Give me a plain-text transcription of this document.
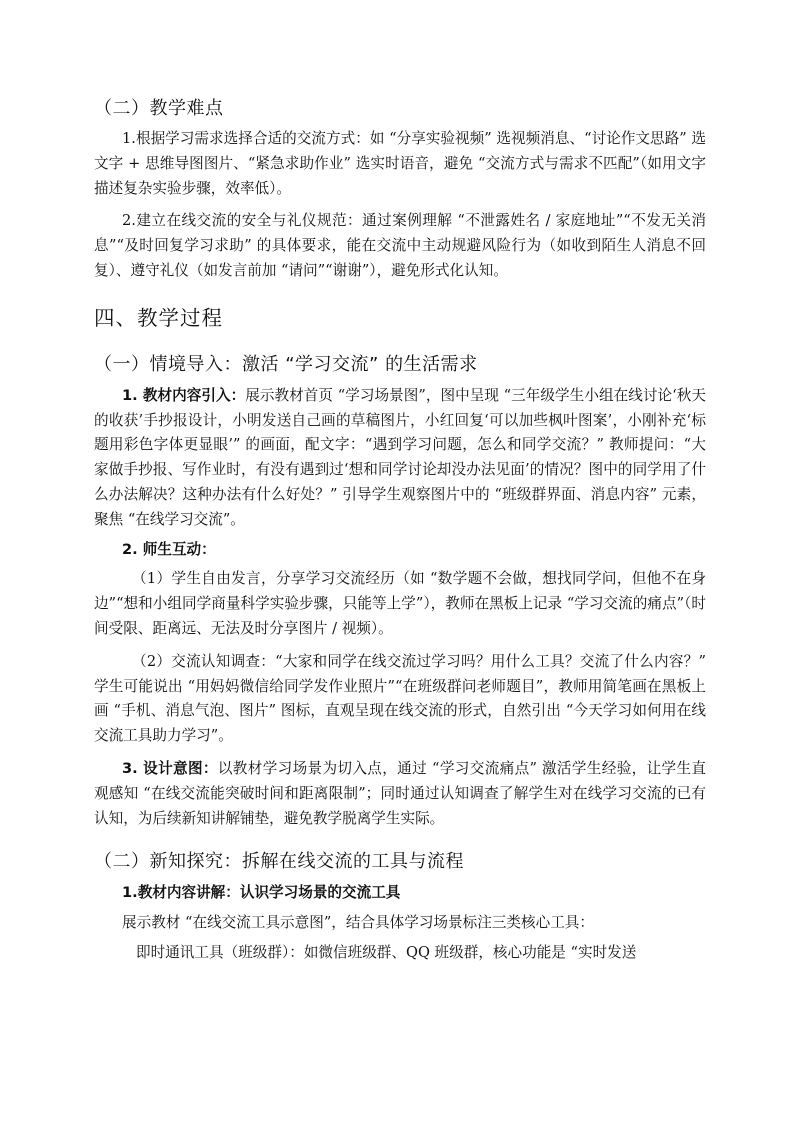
（二）教学难点

1.根据学习需求选择合适的交流方式：如 “分享实验视频” 选视频消息、“讨论作文思路” 选文字 + 思维导图图片、“紧急求助作业” 选实时语音，避免 “交流方式与需求不匹配”（如用文字描述复杂实验步骤，效率低）。

2.建立在线交流的安全与礼仪规范：通过案例理解 “不泄露姓名 / 家庭地址”“不发无关消息”“及时回复学习求助” 的具体要求，能在交流中主动规避风险行为（如收到陌生人消息不回复）、遵守礼仪（如发言前加 “请问”“谢谢”），避免形式化认知。

四、教学过程
（一）情境导入：激活 “学习交流” 的生活需求

1. 教材内容引入：展示教材首页 “学习场景图”，图中呈现 “三年级学生小组在线讨论‘秋天的收获’手抄报设计，小明发送自己画的草稿图片，小红回复‘可以加些枫叶图案’，小刚补充‘标题用彩色字体更显眼’” 的画面，配文字：“遇到学习问题，怎么和同学交流？” 教师提问：“大家做手抄报、写作业时，有没有遇到过‘想和同学讨论却没办法见面’的情况？图中的同学用了什么办法解决？这种办法有什么好处？” 引导学生观察图片中的 “班级群界面、消息内容” 元素，聚焦 “在线学习交流”。

2. 师生互动：

（1）学生自由发言，分享学习交流经历（如 “数学题不会做，想找同学问，但他不在身边”“想和小组同学商量科学实验步骤，只能等上学”），教师在黑板上记录 “学习交流的痛点”（时间受限、距离远、无法及时分享图片 / 视频）。

（2）交流认知调查：“大家和同学在线交流过学习吗？用什么工具？交流了什么内容？” 学生可能说出 “用妈妈微信给同学发作业照片”“在班级群问老师题目”，教师用简笔画在黑板上画 “手机、消息气泡、图片” 图标，直观呈现在线交流的形式，自然引出 “今天学习如何用在线交流工具助力学习”。

3. 设计意图：以教材学习场景为切入点，通过 “学习交流痛点” 激活学生经验，让学生直观感知 “在线交流能突破时间和距离限制”；同时通过认知调查了解学生对在线学习交流的已有认知，为后续新知讲解铺垫，避免教学脱离学生实际。

（二）新知探究：拆解在线交流的工具与流程

1.教材内容讲解：认识学习场景的交流工具

展示教材 “在线交流工具示意图”，结合具体学习场景标注三类核心工具：

即时通讯工具（班级群）：如微信班级群、QQ 班级群，核心功能是 “实时发送
